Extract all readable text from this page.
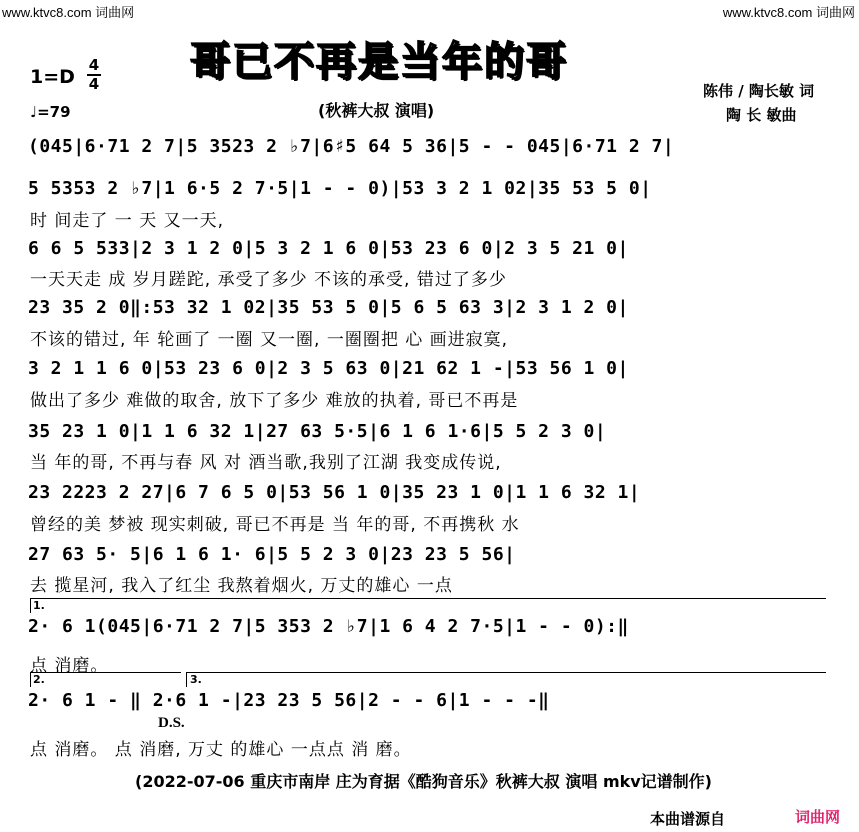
www.ktvc8.com 词曲网	www.ktvc8.com 词曲网
哥已不再是当年的哥
(秋裤大叔 演唱)
1=D
4
4
♩=79
陈伟 / 陶长敏 词
陶 长 敏曲
(045|6·71 2 7|5 3523 2 ♭7|6♯5 64 5 36|5 - - 045|6·71 2 7|
5 5353 2 ♭7|1 6·5 2 7·5|1 - - 0)|53 3 2 1 02|35 53 5 0|
时 间走了 一 天 又一天,
6 6 5 533|2 3 1 2 0|5 3 2 1 6 0|53 23 6 0|2 3 5 21 0|
一天天走 成 岁月蹉跎, 承受了多少 不该的承受, 错过了多少
23 35 2 0‖:53 32 1 02|35 53 5 0|5 6 5 63 3|2 3 1 2 0|
不该的错过, 年 轮画了 一圈 又一圈, 一圈圈把 心 画进寂寞,
3 2 1 1 6 0|53 23 6 0|2 3 5 63 0|21 62 1 -|53 56 1 0|
做出了多少 难做的取舍, 放下了多少 难放的执着, 哥已不再是
35 23 1 0|1 1 6 32 1|27 63 5·5|6 1 6 1·6|5 5 2 3 0|
当 年的哥, 不再与春 风 对 酒当歌,我别了江湖 我变成传说,
23 2223 2 27|6 7 6 5 0|53 56 1 0|35 23 1 0|1 1 6 32 1|
曾经的美 梦被 现实刺破, 哥已不再是 当 年的哥, 不再携秋 水
27 63 5· 5|6 1 6 1· 6|5 5 2 3 0|23 23 5 56|
去 揽星河, 我入了红尘 我熬着烟火, 万丈的雄心 一点
1.
2· 6 1(045|6·71 2 7|5 353 2 ♭7|1 6 4 2 7·5|1 - - 0):‖
点 消磨。
2.	3.
2· 6 1 - ‖ 2·6 1 -|23 23 5 56|2 - - 6|1 - - -‖
D.S.
点 消磨。 点 消磨, 万丈 的雄心 一点点 消 磨。
(2022-07-06 重庆市南岸 庄为育据《酷狗音乐》秋裤大叔 演唱 mkv记谱制作)
本曲谱源自	词曲网
